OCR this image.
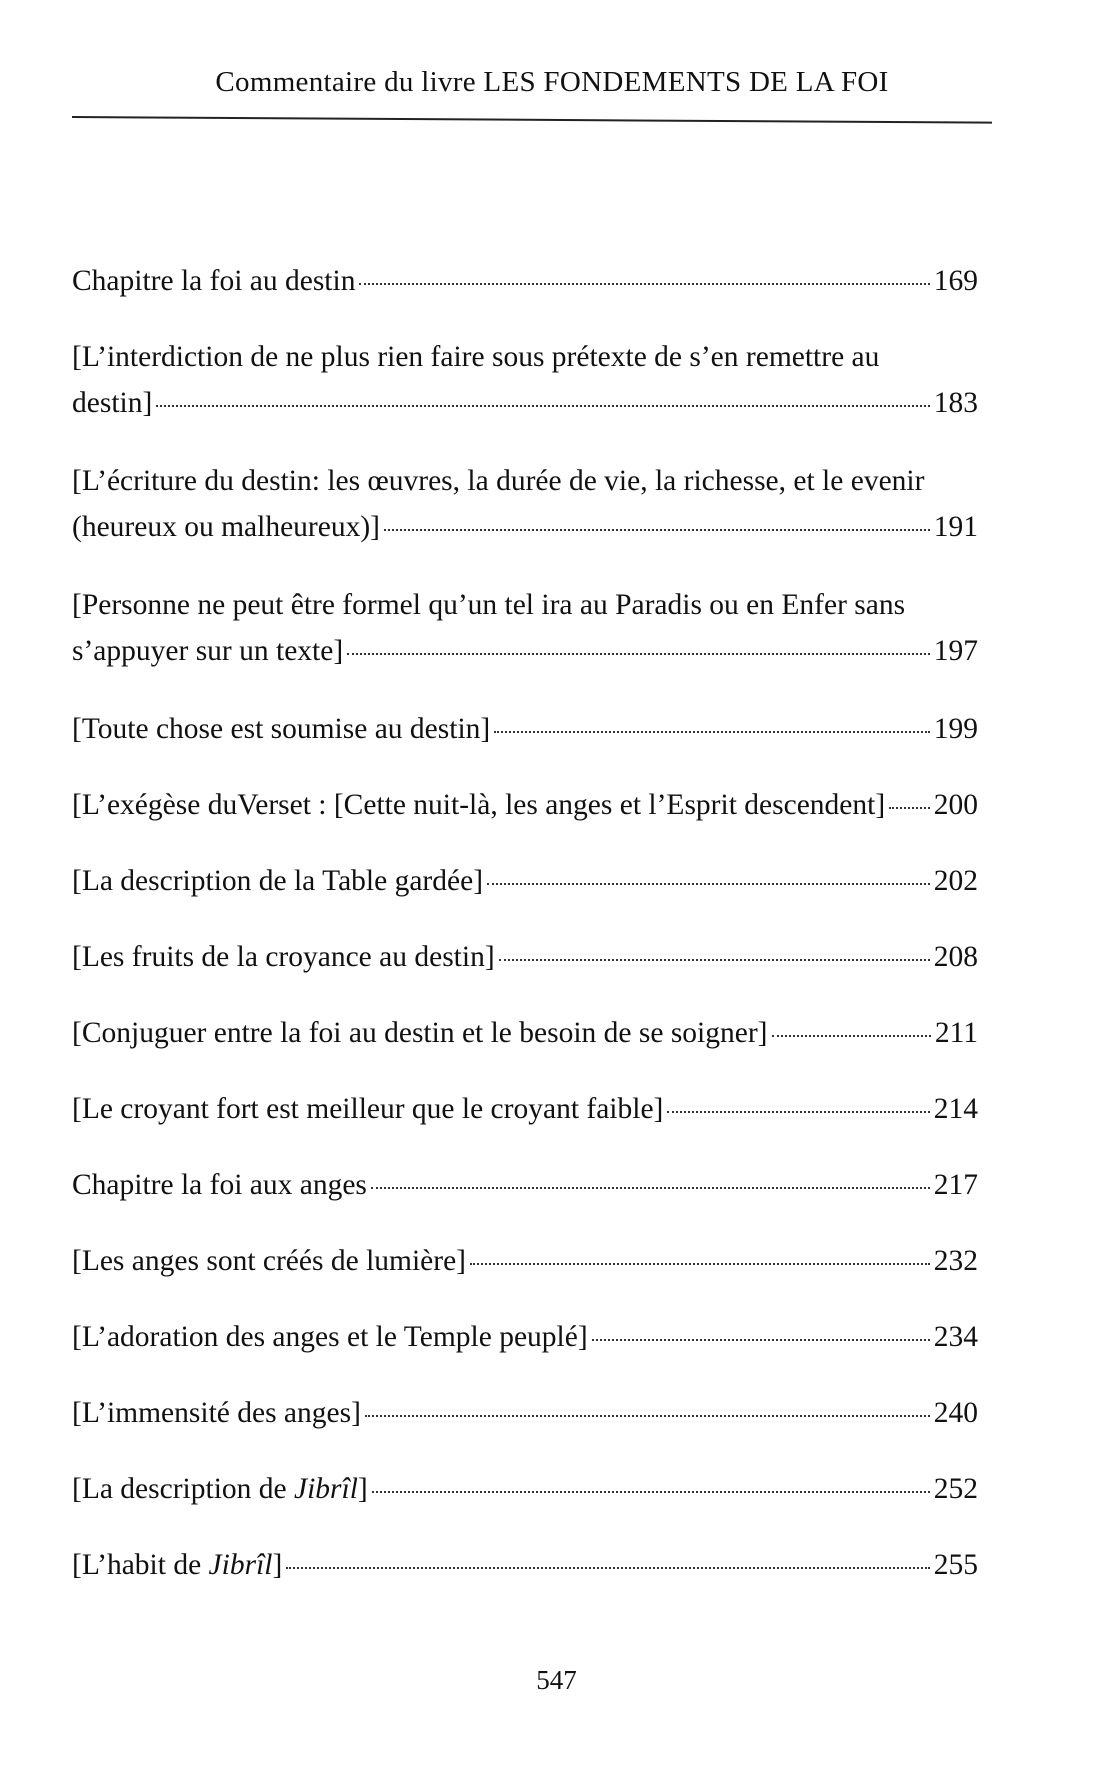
Commentaire du livre LES FONDEMENTS DE LA FOI
Chapitre la foi au destin	169
[L’interdiction de ne plus rien faire sous prétexte de s’en remettre au
destin]	183
[L’écriture du destin: les œuvres, la durée de vie, la richesse, et le evenir
(heureux ou malheureux)]	191
[Personne ne peut être formel qu’un tel ira au Paradis ou en Enfer sans
s’appuyer sur un texte]	197
[Toute chose est soumise au destin]	199
[L’exégèse duVerset : [Cette nuit-là, les anges et l’Esprit descendent] 200
[La description de la Table gardée]	202
[Les fruits de la croyance au destin]	208
[Conjuguer entre la foi au destin et le besoin de se soigner]	211
[Le croyant fort est meilleur que le croyant faible]	214
Chapitre la foi aux anges	217
[Les anges sont créés de lumière]	232
[L’adoration des anges et le Temple peuplé]	234
[L’immensité des anges]	240
[La description de Jibrîl]	252
[L’habit de Jibrîl]	255
547
